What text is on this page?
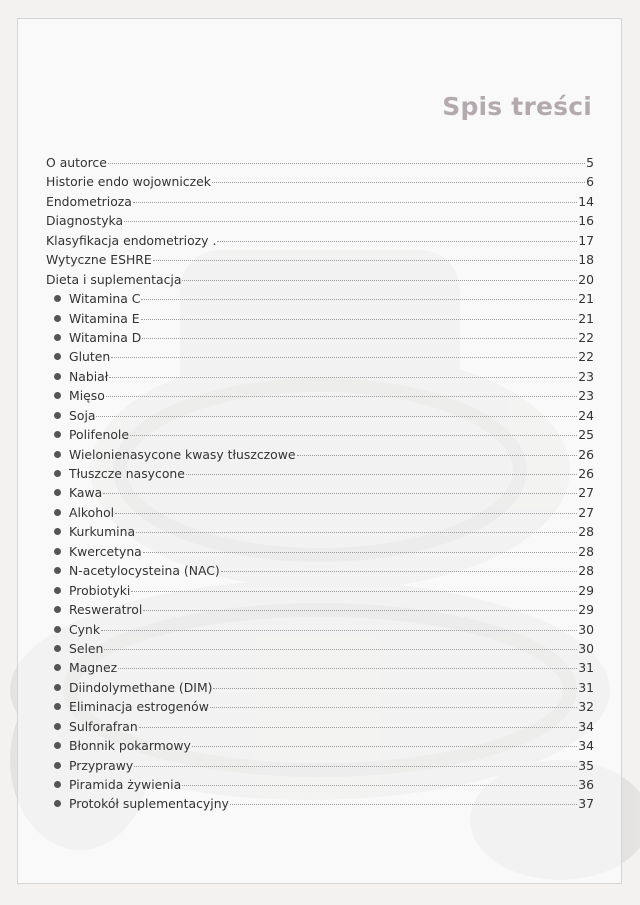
Spis treści
O autorce	5
Historie endo wojowniczek	6
Endometrioza	14
Diagnostyka	16
Klasyfikacja endometriozy .	17
Wytyczne ESHRE	18
Dieta i suplementacja	20
Witamina C	21
Witamina E	21
Witamina D	22
Gluten	22
Nabiał	23
Mięso	23
Soja	24
Polifenole	25
Wielonienasycone kwasy tłuszczowe	26
Tłuszcze nasycone	26
Kawa	27
Alkohol	27
Kurkumina	28
Kwercetyna	28
N-acetylocysteina (NAC)	28
Probiotyki	29
Resweratrol	29
Cynk	30
Selen	30
Magnez	31
Diindolymethane (DIM)	31
Eliminacja estrogenów	32
Sulforafran	34
Błonnik pokarmowy	34
Przyprawy	35
Piramida żywienia	36
Protokół suplementacyjny	37
